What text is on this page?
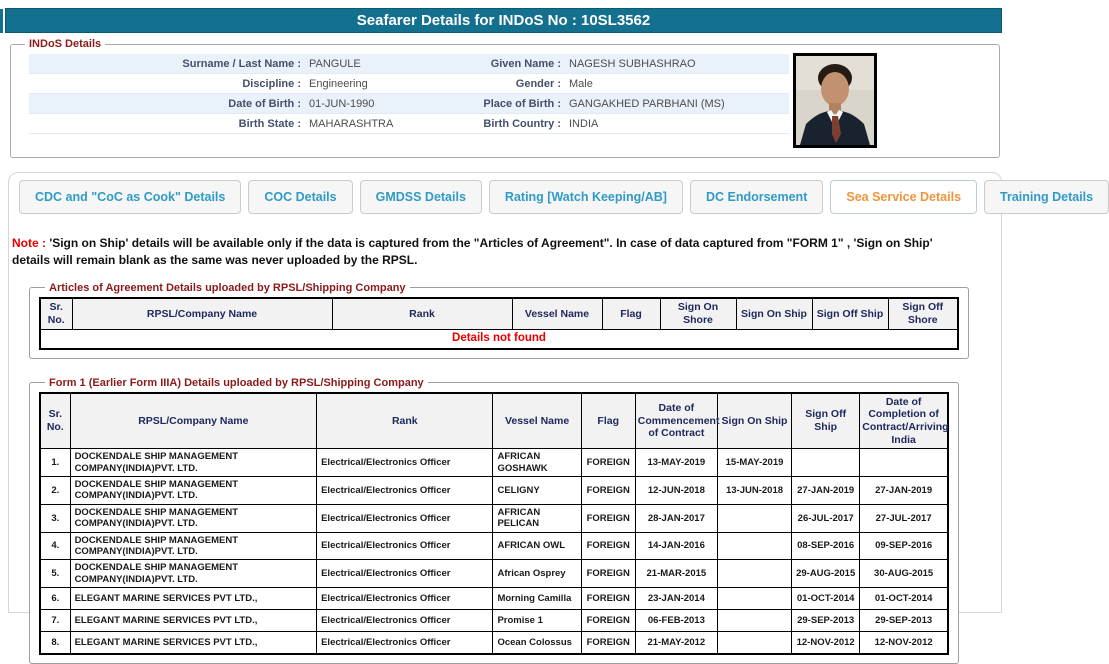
Seafarer Details for INDoS No : 10SL3562
INDoS Details
Surname / Last Name : PANGULE	Given Name : NAGESH SUBHASHRAO
Discipline : Engineering	Gender : Male
Date of Birth : 01-JUN-1990	Place of Birth : GANGAKHED PARBHANI (MS)
Birth State : MAHARASHTRA	Birth Country : INDIA
CDC and "CoC as Cook" Details	COC Details	GMDSS Details	Rating [Watch Keeping/AB]	DC Endorsement	Sea Service Details	Training Details
Note : 'Sign on Ship' details will be available only if the data is captured from the "Articles of Agreement". In case of data captured from "FORM 1" , 'Sign on Ship' details will remain blank as the same was never uploaded by the RPSL.
Articles of Agreement Details uploaded by RPSL/Shipping Company
Sr. No.	RPSL/Company Name	Rank	Vessel Name	Flag	Sign On Shore	Sign On Ship	Sign Off Ship	Sign Off Shore
Details not found
Form 1 (Earlier Form IIIA) Details uploaded by RPSL/Shipping Company
Sr. No.	RPSL/Company Name	Rank	Vessel Name	Flag	Date of Commencement of Contract	Sign On Ship	Sign Off Ship	Date of Completion of Contract/Arriving India
1.	DOCKENDALE SHIP MANAGEMENT COMPANY(INDIA)PVT. LTD.	Electrical/Electronics Officer	AFRICAN GOSHAWK	FOREIGN	13-MAY-2019	15-MAY-2019		
2.	DOCKENDALE SHIP MANAGEMENT COMPANY(INDIA)PVT. LTD.	Electrical/Electronics Officer	CELIGNY	FOREIGN	12-JUN-2018	13-JUN-2018	27-JAN-2019	27-JAN-2019
3.	DOCKENDALE SHIP MANAGEMENT COMPANY(INDIA)PVT. LTD.	Electrical/Electronics Officer	AFRICAN PELICAN	FOREIGN	28-JAN-2017		26-JUL-2017	27-JUL-2017
4.	DOCKENDALE SHIP MANAGEMENT COMPANY(INDIA)PVT. LTD.	Electrical/Electronics Officer	AFRICAN OWL	FOREIGN	14-JAN-2016		08-SEP-2016	09-SEP-2016
5.	DOCKENDALE SHIP MANAGEMENT COMPANY(INDIA)PVT. LTD.	Electrical/Electronics Officer	African Osprey	FOREIGN	21-MAR-2015		29-AUG-2015	30-AUG-2015
6.	ELEGANT MARINE SERVICES PVT LTD.,	Electrical/Electronics Officer	Morning Camilla	FOREIGN	23-JAN-2014		01-OCT-2014	01-OCT-2014
7.	ELEGANT MARINE SERVICES PVT LTD.,	Electrical/Electronics Officer	Promise 1	FOREIGN	06-FEB-2013		29-SEP-2013	29-SEP-2013
8.	ELEGANT MARINE SERVICES PVT LTD.,	Electrical/Electronics Officer	Ocean Colossus	FOREIGN	21-MAY-2012		12-NOV-2012	12-NOV-2012
